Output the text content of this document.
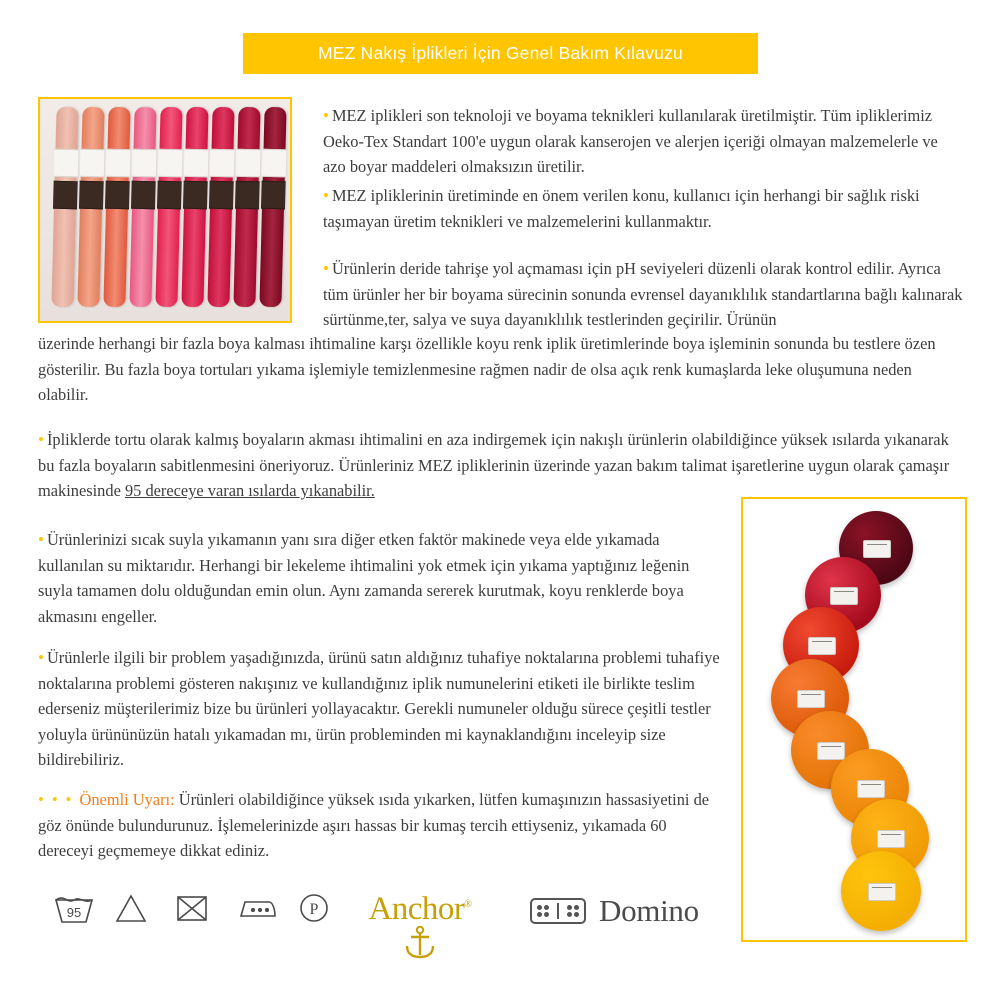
MEZ Nakış İplikleri İçin Genel Bakım Kılavuzu
• MEZ iplikleri son teknoloji ve boyama teknikleri kullanılarak üretilmiştir. Tüm ipliklerimiz Oeko-Tex Standart 100'e uygun olarak kanserojen ve alerjen içeriği olmayan malzemelerle ve azo boyar maddeleri olmaksızın üretilir.
• MEZ ipliklerinin üretiminde en önem verilen konu, kullanıcı için herhangi bir sağlık riski taşımayan üretim teknikleri ve malzemelerini kullanmaktır.
• Ürünlerin deride tahrişe yol açmaması için pH seviyeleri düzenli olarak kontrol edilir. Ayrıca tüm ürünler her bir boyama sürecinin sonunda evrensel dayanıklılık standartlarına bağlı kalınarak sürtünme,ter, salya ve suya dayanıklılık testlerinden geçirilir. Ürünün
üzerinde herhangi bir fazla boya kalması ihtimaline karşı özellikle koyu renk iplik üretimlerinde boya işleminin sonunda bu testlere özen gösterilir. Bu fazla boya tortuları yıkama işlemiyle temizlenmesine rağmen nadir de olsa açık renk kumaşlarda leke oluşumuna neden olabilir.
• İpliklerde tortu olarak kalmış boyaların akması ihtimalini en aza indirgemek için nakışlı ürünlerin olabildiğince yüksek ısılarda yıkanarak bu fazla boyaların sabitlenmesini öneriyoruz. Ürünleriniz MEZ ipliklerinin üzerinde yazan bakım talimat işaretlerine uygun olarak çamaşır makinesinde 95 dereceye varan ısılarda yıkanabilir.
• Ürünlerinizi sıcak suyla yıkamanın yanı sıra diğer etken faktör makinede veya elde yıkamada kullanılan su miktarıdır. Herhangi bir lekeleme ihtimalini yok etmek için yıkama yaptığınız leğenin suyla tamamen dolu olduğundan emin olun. Aynı zamanda sererek kurutmak, koyu renklerde boya akmasını engeller.
• Ürünlerle ilgili bir problem yaşadığınızda, ürünü satın aldığınız tuhafiye noktalarına problemi tuhafiye noktalarına problemi gösteren nakışınız ve kullandığınız iplik numunelerini etiketi ile birlikte teslim ederseniz müşterilerimiz bize bu ürünleri yollayacaktır. Gerekli numuneler olduğu sürece çeşitli testler yoluyla ürününüzün hatalı yıkamadan mı, ürün probleminden mi kaynaklandığını inceleyip size bildirebiliriz.
• • • Önemli Uyarı: Ürünleri olabildiğince yüksek ısıda yıkarken, lütfen kumaşınızın hassasiyetini de göz önünde bulundurunuz. İşlemelerinizde aşırı hassas bir kumaş tercih ettiyseniz, yıkamada 60 dereceyi geçmemeye dikkat ediniz.
95	P	Anchor®	Domino
